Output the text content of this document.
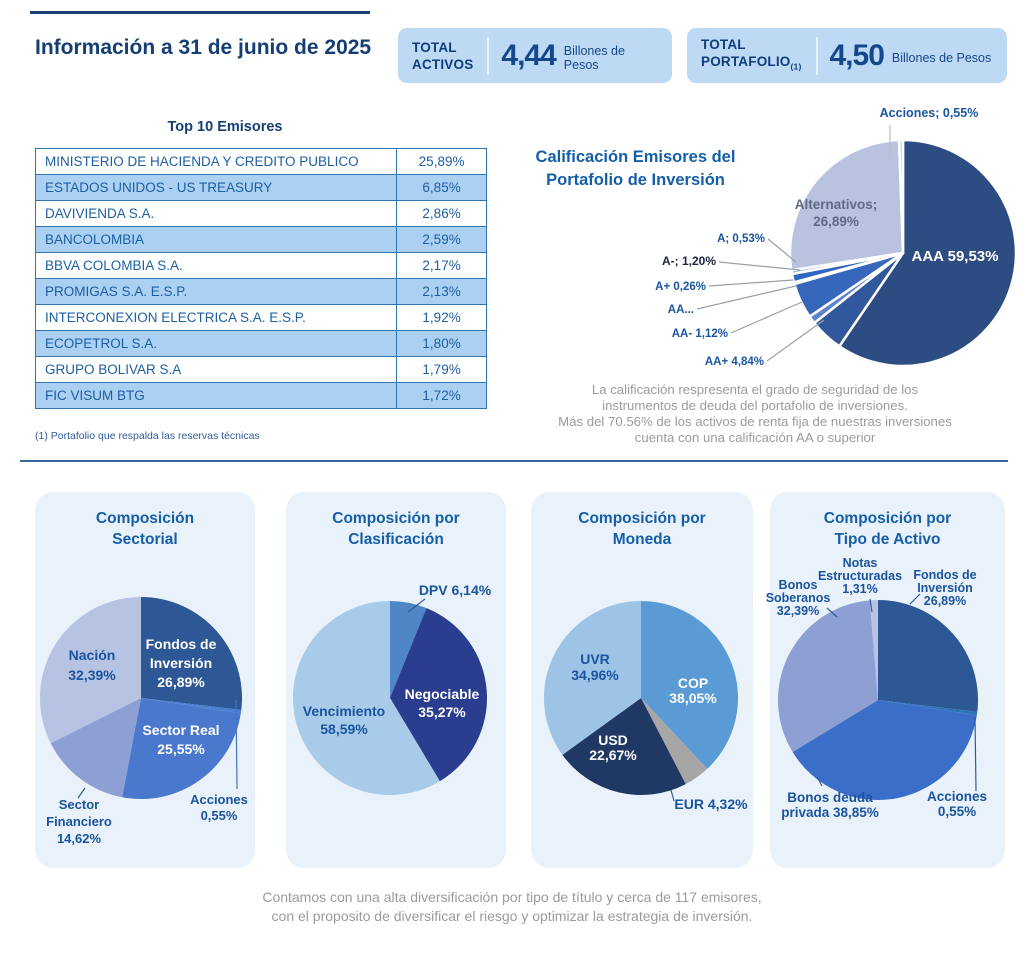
Información a 31 de junio de 2025	TOTAL
ACTIVOS 4,44 Billones de Pesos
TOTAL
$PORTAFOLIO_{(1)}$ 4,50 Billones de Pesos
Top 10 Emisores
MINISTERIO DE HACIENDA Y CREDITO PUBLICO	25,89%
ESTADOS UNIDOS - US TREASURY	6,85%
DAVIVIENDA S.A.	2,86%
BANCOLOMBIA	2,59%
BBVA COLOMBIA S.A.	2,17%
PROMIGAS S.A. E.S.P.	2,13%
INTERCONEXION ELECTRICA S.A. E.S.P.	1,92%
ECOPETROL S.A.	1,80%
GRUPO BOLIVAR S.A	1,79%
FIC VISUM BTG	1,72%
(1) Portafolio que respalda las reservas técnicas
Calificación Emisores del
Portafolio de Inversión
AAA 59,53%
Alternativos; 26,89%
Acciones; 0,55%
A; 0,53%
A-; 1,20%
A+ 0,26%
AA...
AA- 1,12%
AA+ 4,84%
La calificación respresenta el grado de seguridad de los
instrumentos de deuda del portafolio de inversiones.
Más del 70.56% de los activos de renta fija de nuestras inversiones
cuenta con una calificación AA o superior
Composición
Sectorial
Nación 32,39%
Fondos de Inversión 26,89%
Sector Real 25,55%
Sector Financiero 14,62%
Acciones 0,55%
Composición por
Clasificación
DPV 6,14%
Negociable 35,27%
Vencimiento 58,59%
Composición por
Moneda
UVR 34,96%	COP 38,05%
USD 22,67%
EUR 4,32%
Composición por
Tipo de Activo
Bonos Soberanos 32,39%
Notas Estructuradas 1,31%
Fondos de Inversión 26,89%
Bonos deuda privada 38,85%
Acciones 0,55%
Contamos con una alta diversificación por tipo de título y cerca de 117 emisores,
con el proposito de diversificar el riesgo y optimizar la estrategia de inversión.
